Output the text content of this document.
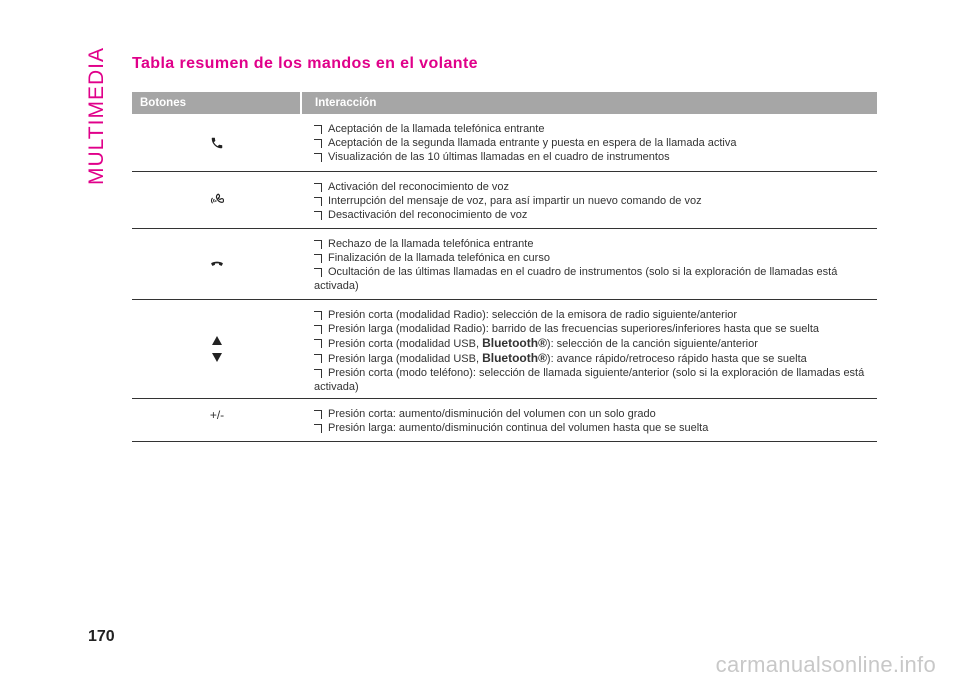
MULTIMEDIA Tabla resumen de los mandos en el volante
Botones	Interacción
Aceptación de la llamada telefónica entrante
Aceptación de la segunda llamada entrante y puesta en espera de la llamada activa
Visualización de las 10 últimas llamadas en el cuadro de instrumentos
Activación del reconocimiento de voz
Interrupción del mensaje de voz, para así impartir un nuevo comando de voz
Desactivación del reconocimiento de voz
Rechazo de la llamada telefónica entrante
Finalización de la llamada telefónica en curso
Ocultación de las últimas llamadas en el cuadro de instrumentos (solo si la exploración de llamadas está activada)
Presión corta (modalidad Radio): selección de la emisora de radio siguiente/anterior
Presión larga (modalidad Radio): barrido de las frecuencias superiores/inferiores hasta que se suelta
Presión corta (modalidad USB, Bluetooth®): selección de la canción siguiente/anterior
Presión larga (modalidad USB, Bluetooth®): avance rápido/retroceso rápido hasta que se suelta
Presión corta (modo teléfono): selección de llamada siguiente/anterior (solo si la exploración de llamadas está activada)
+/-	Presión corta: aumento/disminución del volumen con un solo grado
Presión larga: aumento/disminución continua del volumen hasta que se suelta

170

carmanualsonline.info
